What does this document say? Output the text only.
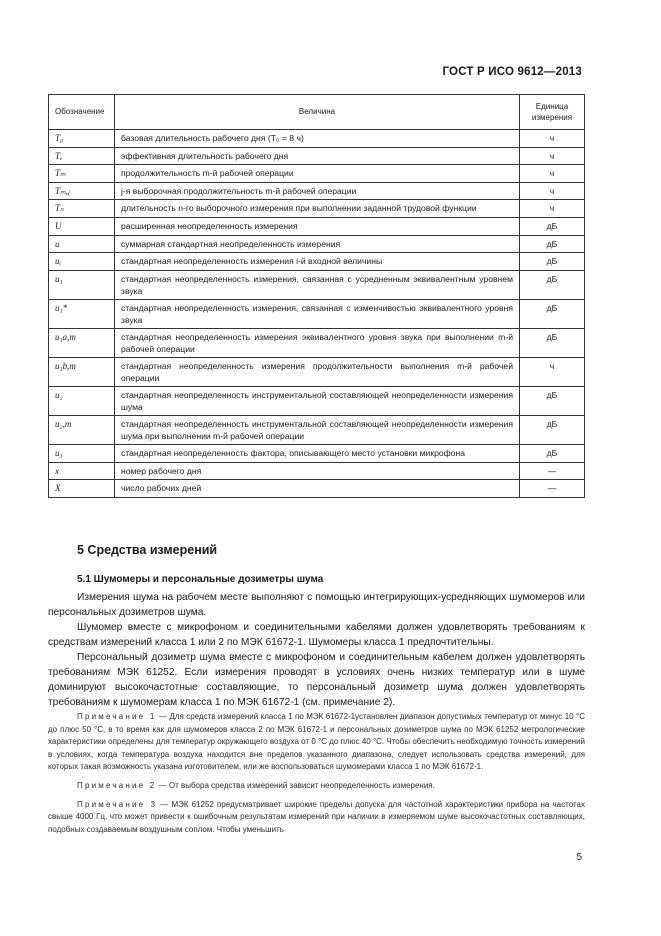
ГОСТ Р ИСО 9612—2013
Обозначение	Величина	Единица измерения
T₀	базовая длительность рабочего дня (T₀ = 8 ч)	ч
Tₑ	эффективная длительность рабочего дня	ч
Tₘ	продолжительность m-й рабочей операции	ч
Tₘ,ⱼ	j-я выборочная продолжительность m-й рабочей операции	ч
Tₙ	длительность n-го выборочного измерения при выполнении заданной трудовой функции	ч
U	расширенная неопределенность измерения	дБ
u	суммарная стандартная неопределенность измерения	дБ
uᵢ	стандартная неопределенность измерения i-й входной величины	дБ
u₁	стандартная неопределенность измерения, связанная с усредненным эквивалентным уровнем звука	дБ
u₁*	стандартная неопределенность измерения, связанная с изменчивостью эквивалентного уровня звука	дБ
u₁a,m	стандартная неопределенность измерения эквивалентного уровня звука при выполнении m-й рабочей операции	дБ
u₁b,m	стандартная неопределенность измерения продолжительности выполнения m-й рабочей операции	ч
u₂	стандартная неопределенность инструментальной составляющей неопределенности измерения шума	дБ
u₂,m	стандартная неопределенность инструментальной составляющей неопределенности измерения шума при выполнении m-й рабочей операции	дБ
u₃	стандартная неопределенность фактора, описывающего место установки микрофона	дБ
x	номер рабочего дня	—
X	число рабочих дней	—
5 Средства измерений
5.1 Шумомеры и персональные дозиметры шума

Измерения шума на рабочем месте выполняют с помощью интегрирующих-усредняющих шумомеров или персональных дозиметров шума.

Шумомер вместе с микрофоном и соединительными кабелями должен удовлетворять требованиям к средствам измерений класса 1 или 2 по МЭК 61672-1. Шумомеры класса 1 предпочтительны.

Персональный дозиметр шума вместе с микрофоном и соединительным кабелем должен удовлетворять требованиям МЭК 61252. Если измерения проводят в условиях очень низких температур или в шуме доминируют высокочастотные составляющие, то персональный дозиметр шума должен удовлетворять требованиям к шумомерам класса 1 по МЭК 61672-1 (см. примечание 2).

Примечание 1 — Для средств измерений класса 1 по МЭК 61672-1установлен диапазон допустимых температур от минус 10 °С до плюс 50 °С, в то время как для шумомеров класса 2 по МЭК 61672-1 и персональных дозиметров шума по МЭК 61252 метрологические характеристики определены для температур окружающего воздуха от 0 °С до плюс 40 °С. Чтобы обеспечить необходимую точность измерений в условиях, когда температура воздуха находится вне пределов указанного диапазона, следует использовать средства измерений, для которых такая возможность указана изготовителем, или же воспользоваться шумомерами класса 1 по МЭК 61672-1.

Примечание 2 — От выбора средства измерений зависит неопределенность измерения.

Примечание 3 — МЭК 61252 предусматривает широкие пределы допуска для частотной характеристики прибора на частотах свыше 4000 Гц, что может привести к ошибочным результатам измерений при наличии в измеряемом шуме высокочастотных составляющих, подобных создаваемым воздушным соплом. Чтобы уменьшить

5
